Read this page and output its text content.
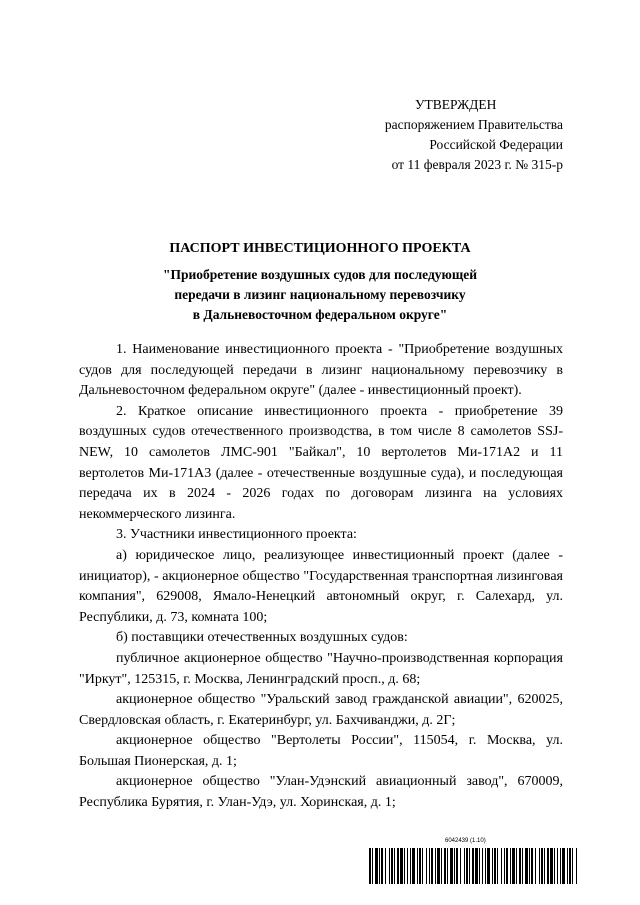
УТВЕРЖДЕН
распоряжением Правительства
Российской Федерации
от 11 февраля 2023 г. № 315-р
ПАСПОРТ ИНВЕСТИЦИОННОГО ПРОЕКТА
"Приобретение воздушных судов для последующей
передачи в лизинг национальному перевозчику
в Дальневосточном федеральном округе"

1. Наименование инвестиционного проекта - "Приобретение воздушных судов для последующей передачи в лизинг национальному перевозчику в Дальневосточном федеральном округе" (далее - инвестиционный проект).

2. Краткое описание инвестиционного проекта - приобретение 39 воздушных судов отечественного производства, в том числе 8 самолетов SSJ-NEW, 10 самолетов ЛМС-901 "Байкал", 10 вертолетов Ми-171А2 и 11 вертолетов Ми-171А3 (далее - отечественные воздушные суда), и последующая передача их в 2024 - 2026 годах по договорам лизинга на условиях некоммерческого лизинга.

3. Участники инвестиционного проекта:

а) юридическое лицо, реализующее инвестиционный проект (далее - инициатор), - акционерное общество "Государственная транспортная лизинговая компания", 629008, Ямало-Ненецкий автономный округ, г. Салехард, ул. Республики, д. 73, комната 100;

б) поставщики отечественных воздушных судов:

публичное акционерное общество "Научно-производственная корпорация "Иркут", 125315, г. Москва, Ленинградский просп., д. 68;

акционерное общество "Уральский завод гражданской авиации", 620025, Свердловская область, г. Екатеринбург, ул. Бахчиванджи, д. 2Г;

акционерное общество "Вертолеты России", 115054, г. Москва, ул. Большая Пионерская, д. 1;

акционерное общество "Улан-Удэнский авиационный завод", 670009, Республика Бурятия, г. Улан-Удэ, ул. Хоринская, д. 1;

6042439 (1.10)
